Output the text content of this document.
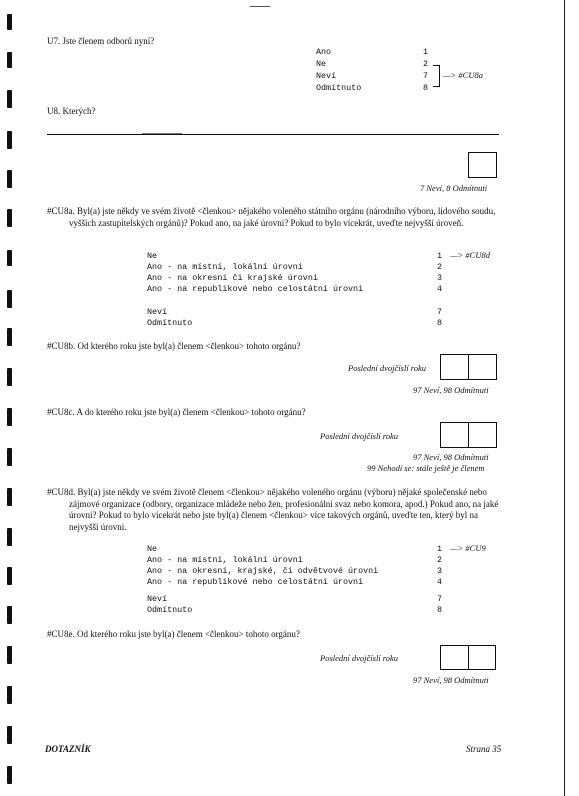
U7. Jste členem odborů nyní?
Ano	1
Ne	2
Neví	7
Odmítnuto	8
—> #CU8a
U8. Kterých?
7 Neví, 8 Odmítnuti
#CU8a. Byl(a) jste někdy ve svém životě <členkou> nějakého voleného státního orgánu (národního výboru, lidového soudu, vyšších zastupitelských orgánů)? Pokud ano, na jaké úrovni? Pokud to bylo vícekrát, uveďte nejvyšší úroveň.
Ne	1
Ano - na místní, lokální úrovni	2
Ano - na okresní či krajské úrovni	3
Ano - na republikové nebo celostátní úrovni	4
Neví	7
Odmítnuto	8
—> #CU8d
#CU8b. Od kterého roku jste byl(a) členem <členkou> tohoto orgánu?
Poslední dvojčíslí roku
97 Neví, 98 Odmítnuti
#CU8c. A do kterého roku jste byl(a) členem <členkou> tohoto orgánu?
Poslední dvojčíslí roku
97 Neví, 98 Odmítnuti
99 Nehodí se: stále ještě je členem
#CU8d. Byl(a) jste někdy ve svém životě členem <členkou> nějakého voleného orgánu (výboru) nějaké společenské nebo zájmové organizace (odbory, organizace mládeže nebo žen, profesionální svaz nebo komora, apod.) Pokud ano, na jaké úrovni? Pokud to bylo vícekrát nebo jste byl(a) členem <členkou> více takových orgánů, uveďte ten, který byl na nejvyšší úrovni.
Ne	1
Ano - na místní, lokální úrovni	2
Ano - na okresní, krajské, či odvětvové úrovni	3
Ano - na republikové nebo celostátní úrovni	4
Neví	7
Odmítnuto	8
—> #CU9
#CU8e. Od kterého roku jste byl(a) členem <členkou> tohoto orgánu?
Poslední dvojčíslí roku
97 Neví, 98 Odmítnuti
DOTAZNÍK	Strana 35
